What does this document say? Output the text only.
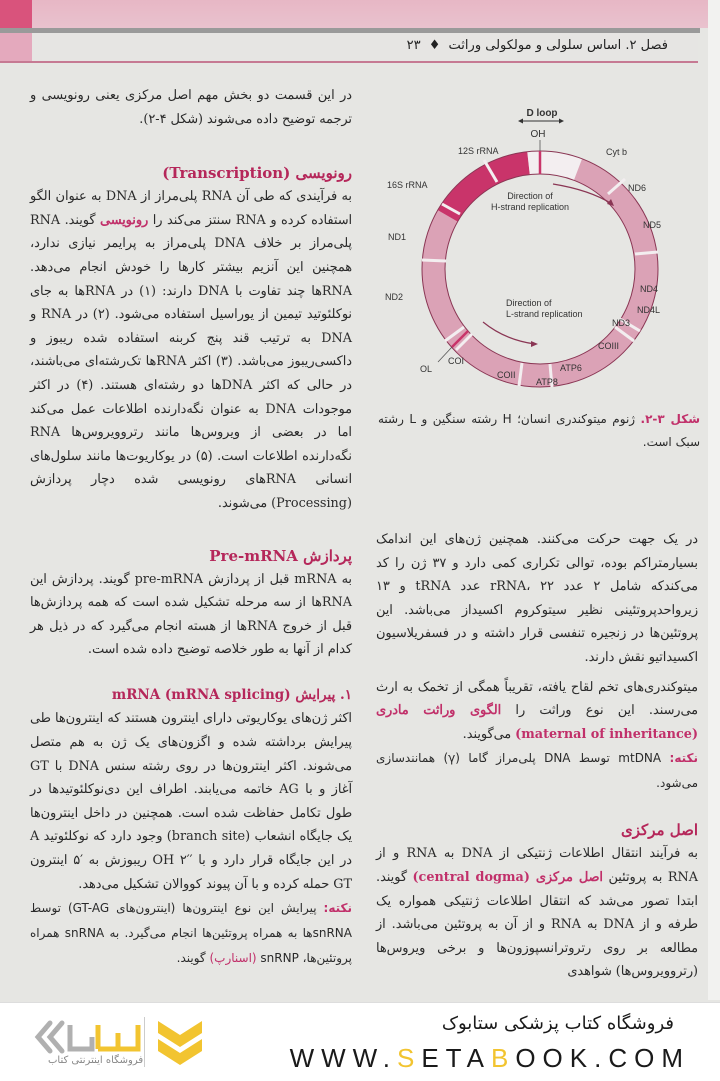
فصل ۲. اساس سلولی و مولکولی وراثت ♦ ۲۳

در این قسمت دو بخش مهم اصل مرکزی یعنی رونویسی و ترجمه توضیح داده می‌شوند (شکل ۴-۲).

رونویسی (Transcription)

به فرآیندی که طی آن RNA پلی‌مراز از DNA به عنوان الگو استفاده کرده و RNA سنتز می‌کند را رونویسی گویند. RNA پلی‌مراز بر خلاف DNA پلی‌مراز به پرایمر نیازی ندارد، همچنین این آنزیم بیشتر کارها را خودش انجام می‌دهد. RNAها چند تفاوت با DNA دارند: (۱) در RNAها به جای نوکلئوتید تیمین از یوراسیل استفاده می‌شود. (۲) در RNA و DNA به ترتیب قند پنج کربنه استفاده شده ریبوز و داکسی‌ریبوز می‌باشد. (۳) اکثر RNAها تک‌رشته‌ای می‌باشند، در حالی که اکثر DNAها دو رشته‌ای هستند. (۴) در اکثر موجودات DNA به عنوان نگه‌دارنده اطلاعات عمل می‌کند اما در بعضی از ویروس‌ها مانند رتروویروس‌ها RNA نگه‌دارنده اطلاعات است. (۵) در یوکاریوت‌ها مانند سلول‌های انسانی RNAهای رونویسی شده دچار پردازش (Processing) می‌شوند.

پردازش Pre-mRNA

به mRNA قبل از پردازش pre-mRNA گویند. پردازش این RNAها از سه مرحله تشکیل شده است که همه پردازش‌ها قبل از خروج RNAها از هسته انجام می‌گیرد که در ذیل هر کدام از آنها به طور خلاصه توضیح داده شده است.

۱. پیرایش mRNA (mRNA splicing)

اکثر ژن‌های یوکاریوتی دارای اینترون هستند که اینترون‌ها طی پیرایش برداشته شده و اگزون‌های یک ژن به هم متصل می‌شوند. اکثر اینترون‌ها در روی رشته سنس DNA با GT آغاز و با AG خاتمه می‌یابند. اطراف این دی‌نوکلئوتیدها در طول تکامل حفاظت شده است. همچنین در داخل اینترون‌ها یک جایگاه انشعاب (branch site) وجود دارد که نوکلئوتید A در این جایگاه قرار دارد و با ′OH ۲′ ریبوزش به ′۵ اینترون GT حمله کرده و با آن پیوند کووالان تشکیل می‌دهد.

نکته: پیرایش این نوع اینترون‌ها (اینترون‌های GT-AG) توسط snRNAها به همراه پروتئین‌ها انجام می‌گیرد. به snRNA همراه پروتئین‌ها، snRNP (اسنارپ) گویند.

D loop
OH
Direction of
H-strand replication
Direction of
L-strand replication
12S rRNA
16S rRNA
ND1
ND2
COI
COII
ATP8
ATP6
COIII
ND3
ND4L
ND4
ND5
ND6
Cyt b
OL
شکل ۳-۲. ژنوم میتوکندری انسان؛ H رشته سنگین و L رشته سبک است.

در یک جهت حرکت می‌کنند. همچنین ژن‌های این اندامک بسیارمتراکم بوده، توالی تکراری کمی دارد و ۳۷ ژن را کد می‌کندکه شامل ۲ عدد rRNA، ۲۲ عدد tRNA و ۱۳ زیرواحدپروتئینی نظیر سیتوکروم اکسیداز می‌باشد. این پروتئین‌ها در زنجیره تنفسی قرار داشته و در فسفریلاسیون اکسیداتیو نقش دارند.

میتوکندری‌های تخم لقاح یافته، تقریباً همگی از تخمک به ارث می‌رسند. این نوع وراثت را الگوی وراثت مادری (maternal of inheritance) می‌گویند.

نکته: mtDNA توسط DNA پلی‌مراز گاما (γ) همانندسازی می‌شود.

اصل مرکزی

به فرآیند انتقال اطلاعات ژنتیکی از DNA به RNA و از RNA به پروتئین اصل مرکزی (central dogma) گویند. ابتدا تصور می‌شد که انتقال اطلاعات ژنتیکی همواره یک طرفه و از DNA به RNA و از آن به پروتئین می‌باشد. از مطالعه بر روی رتروترانسپوزون‌ها و برخی ویروس‌ها (رتروویروس‌ها) شواهدی

فروشگاه اینترنتی کتاب
فروشگاه کتاب پزشکی ستابوک
WWW.SETABOOK.COM
